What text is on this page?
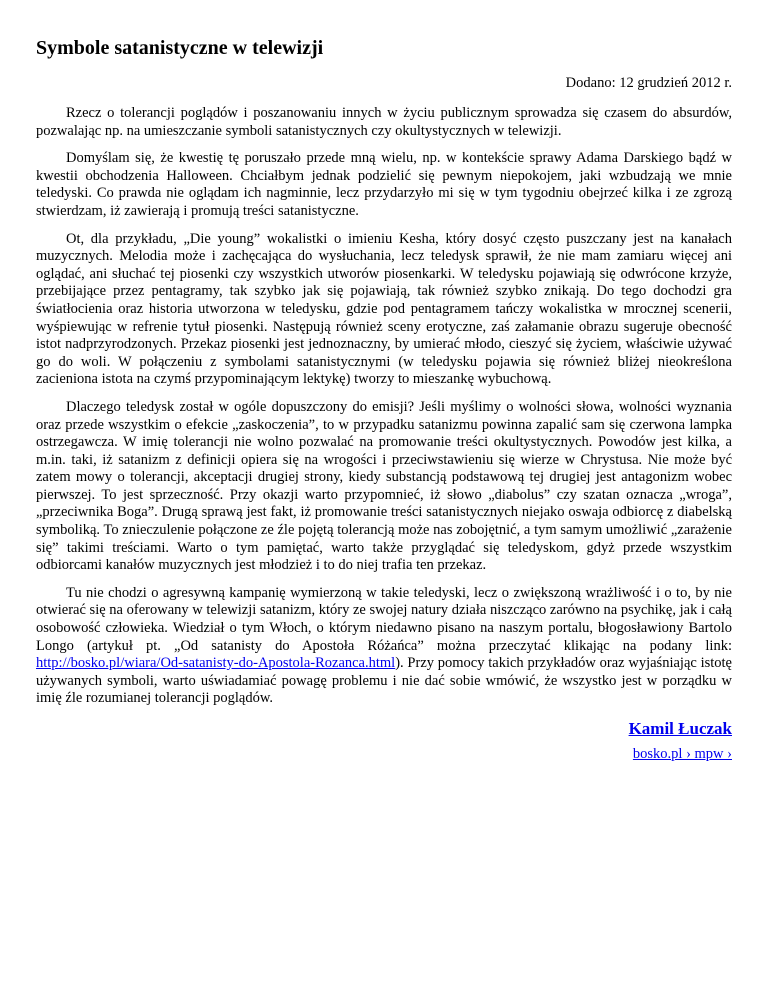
Symbole satanistyczne w telewizji
Dodano: 12 grudzień 2012 r.

Rzecz o tolerancji poglądów i poszanowaniu innych w życiu publicznym sprowadza się czasem do absurdów, pozwalając np. na umieszczanie symboli satanistycznych czy okultystycznych w telewizji.

Domyślam się, że kwestię tę poruszało przede mną wielu, np. w kontekście sprawy Adama Darskiego bądź w kwestii obchodzenia Halloween. Chciałbym jednak podzielić się pewnym niepokojem, jaki wzbudzają we mnie teledyski. Co prawda nie oglądam ich nagminnie, lecz przydarzyło mi się w tym tygodniu obejrzeć kilka i ze zgrozą stwierdzam, iż zawierają i promują treści satanistyczne.

Ot, dla przykładu, „Die young” wokalistki o imieniu Kesha, który dosyć często puszczany jest na kanałach muzycznych. Melodia może i zachęcająca do wysłuchania, lecz teledysk sprawił, że nie mam zamiaru więcej ani oglądać, ani słuchać tej piosenki czy wszystkich utworów piosenkarki. W teledysku pojawiają się odwrócone krzyże, przebijające przez pentagramy, tak szybko jak się pojawiają, tak również szybko znikają. Do tego dochodzi gra światłocienia oraz historia utworzona w teledysku, gdzie pod pentagramem tańczy wokalistka w mrocznej scenerii, wyśpiewując w refrenie tytuł piosenki. Następują również sceny erotyczne, zaś załamanie obrazu sugeruje obecność istot nadprzyrodzonych. Przekaz piosenki jest jednoznaczny, by umierać młodo, cieszyć się życiem, właściwie używać go do woli. W połączeniu z symbolami satanistycznymi (w teledysku pojawia się również bliżej nieokreślona zacieniona istota na czymś przypominającym lektykę) tworzy to mieszankę wybuchową.

Dlaczego teledysk został w ogóle dopuszczony do emisji? Jeśli myślimy o wolności słowa, wolności wyznania oraz przede wszystkim o efekcie „zaskoczenia”, to w przypadku satanizmu powinna zapalić sam się czerwona lampka ostrzegawcza. W imię tolerancji nie wolno pozwalać na promowanie treści okultystycznych. Powodów jest kilka, a m.in. taki, iż satanizm z definicji opiera się na wrogości i przeciwstawieniu się wierze w Chrystusa. Nie może być zatem mowy o tolerancji, akceptacji drugiej strony, kiedy substancją podstawową tej drugiej jest antagonizm wobec pierwszej. To jest sprzeczność. Przy okazji warto przypomnieć, iż słowo „diabolus” czy szatan oznacza „wroga”, „przeciwnika Boga”. Drugą sprawą jest fakt, iż promowanie treści satanistycznych niejako oswaja odbiorcę z diabelską symboliką. To znieczulenie połączone ze źle pojętą tolerancją może nas zobojętnić, a tym samym umożliwić „zarażenie się” takimi treściami. Warto o tym pamiętać, warto także przyglądać się teledyskom, gdyż przede wszystkim odbiorcami kanałów muzycznych jest młodzież i to do niej trafia ten przekaz.

Tu nie chodzi o agresywną kampanię wymierzoną w takie teledyski, lecz o zwiększoną wrażliwość i o to, by nie otwierać się na oferowany w telewizji satanizm, który ze swojej natury działa niszcząco zarówno na psychikę, jak i całą osobowość człowieka. Wiedział o tym Włoch, o którym niedawno pisano na naszym portalu, błogosławiony Bartolo Longo (artykuł pt. „Od satanisty do Apostoła Różańca” można przeczytać klikając na podany link: http://bosko.pl/wiara/Od-satanisty-do-Apostola-Rozanca.html). Przy pomocy takich przykładów oraz wyjaśniając istotę używanych symboli, warto uświadamiać powagę problemu i nie dać sobie wmówić, że wszystko jest w porządku w imię źle rozumianej tolerancji poglądów.

Kamil Łuczak
bosko.pl › mpw ›
